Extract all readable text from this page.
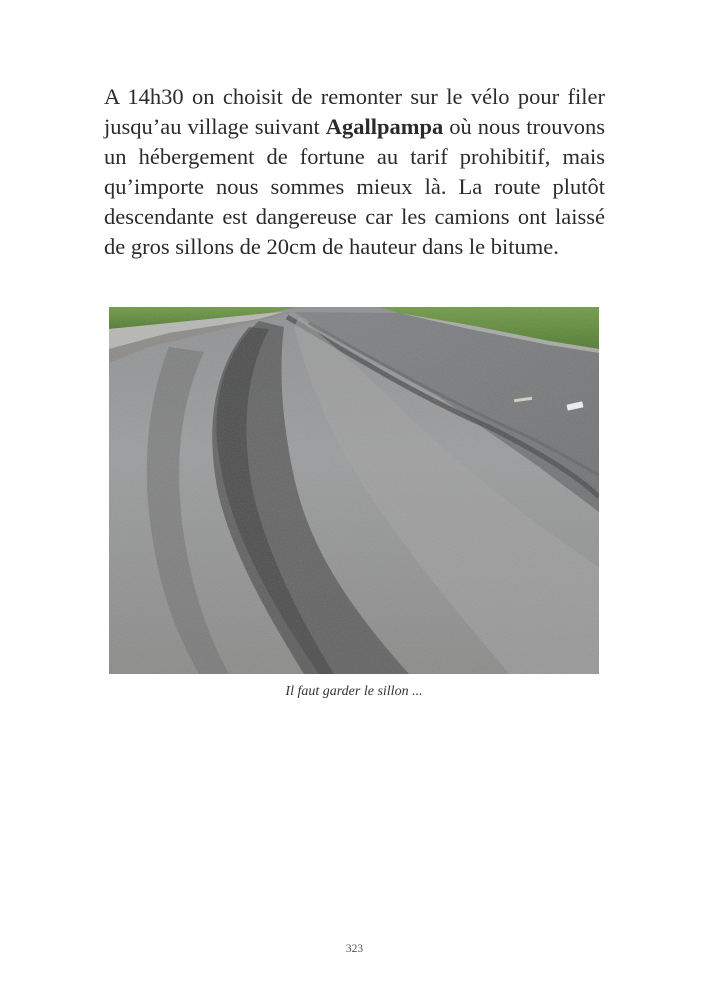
A 14h30 on choisit de remonter sur le vélo pour filer jusqu’au village suivant Agallpampa où nous trouvons un hébergement de fortune au tarif prohibitif, mais qu’importe nous sommes mieux là. La route plutôt descendante est dangereuse car les camions ont laissé de gros sillons de 20cm de hauteur dans le bitume.

Il faut garder le sillon ...
323
